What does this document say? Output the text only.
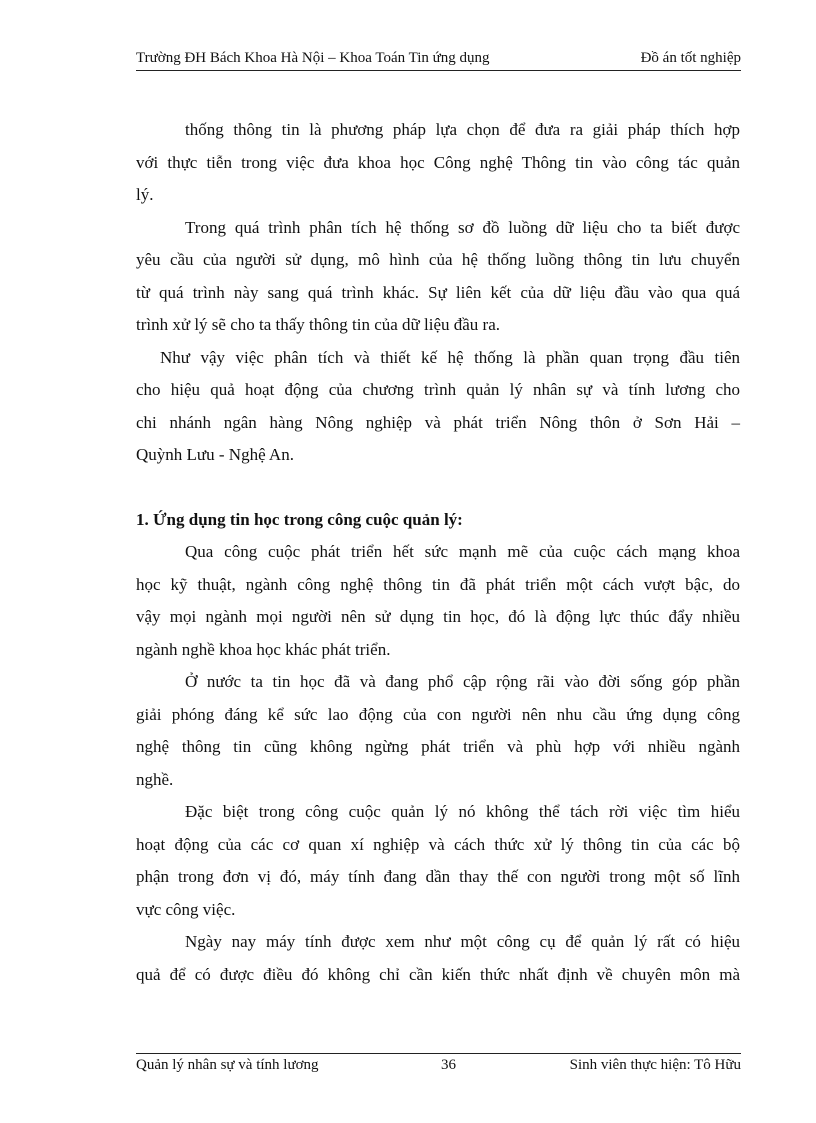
Trường ĐH Bách Khoa Hà Nội – Khoa Toán Tin ứng dụng	Đồ án tốt nghiệp

thống thông tin là phương pháp lựa chọn để đưa ra giải pháp thích hợp
với thực tiễn trong việc đưa khoa học Công nghệ Thông tin vào công tác quản
lý.

Trong quá trình phân tích hệ thống sơ đồ luồng dữ liệu cho ta biết được
yêu cầu của người sử dụng, mô hình của hệ thống luồng thông tin lưu chuyển
từ quá trình này sang quá trình khác. Sự liên kết của dữ liệu đầu vào qua quá
trình xử lý sẽ cho ta thấy thông tin của dữ liệu đầu ra.

Như vậy việc phân tích và thiết kế hệ thống là phần quan trọng đầu tiên
cho hiệu quả hoạt động của chương trình quản lý nhân sự và tính lương cho
chi nhánh ngân hàng Nông nghiệp và phát triển Nông thôn ở Sơn Hải –
Quỳnh Lưu - Nghệ An.

1. Ứng dụng tin học trong công cuộc quản lý:

Qua công cuộc phát triển hết sức mạnh mẽ của cuộc cách mạng khoa
học kỹ thuật, ngành công nghệ thông tin đã phát triển một cách vượt bậc, do
vậy mọi ngành mọi người nên sử dụng tin học, đó là động lực thúc đẩy nhiều
ngành nghề khoa học khác phát triển.

Ở nước ta tin học đã và đang phổ cập rộng rãi vào đời sống góp phần
giải phóng đáng kể sức lao động của con người nên nhu cầu ứng dụng công
nghệ thông tin cũng không ngừng phát triển và phù hợp với nhiều ngành
nghề.

Đặc biệt trong công cuộc quản lý nó không thể tách rời việc tìm hiểu
hoạt động của các cơ quan xí nghiệp và cách thức xử lý thông tin của các bộ
phận trong đơn vị đó, máy tính đang dần thay thế con người trong một số lĩnh
vực công việc.

Ngày nay máy tính được xem như một công cụ để quản lý rất có hiệu
quả để có được điều đó không chỉ cần kiến thức nhất định về chuyên môn mà

Quản lý nhân sự và tính lương	36	Sinh viên thực hiện: Tô Hữu
